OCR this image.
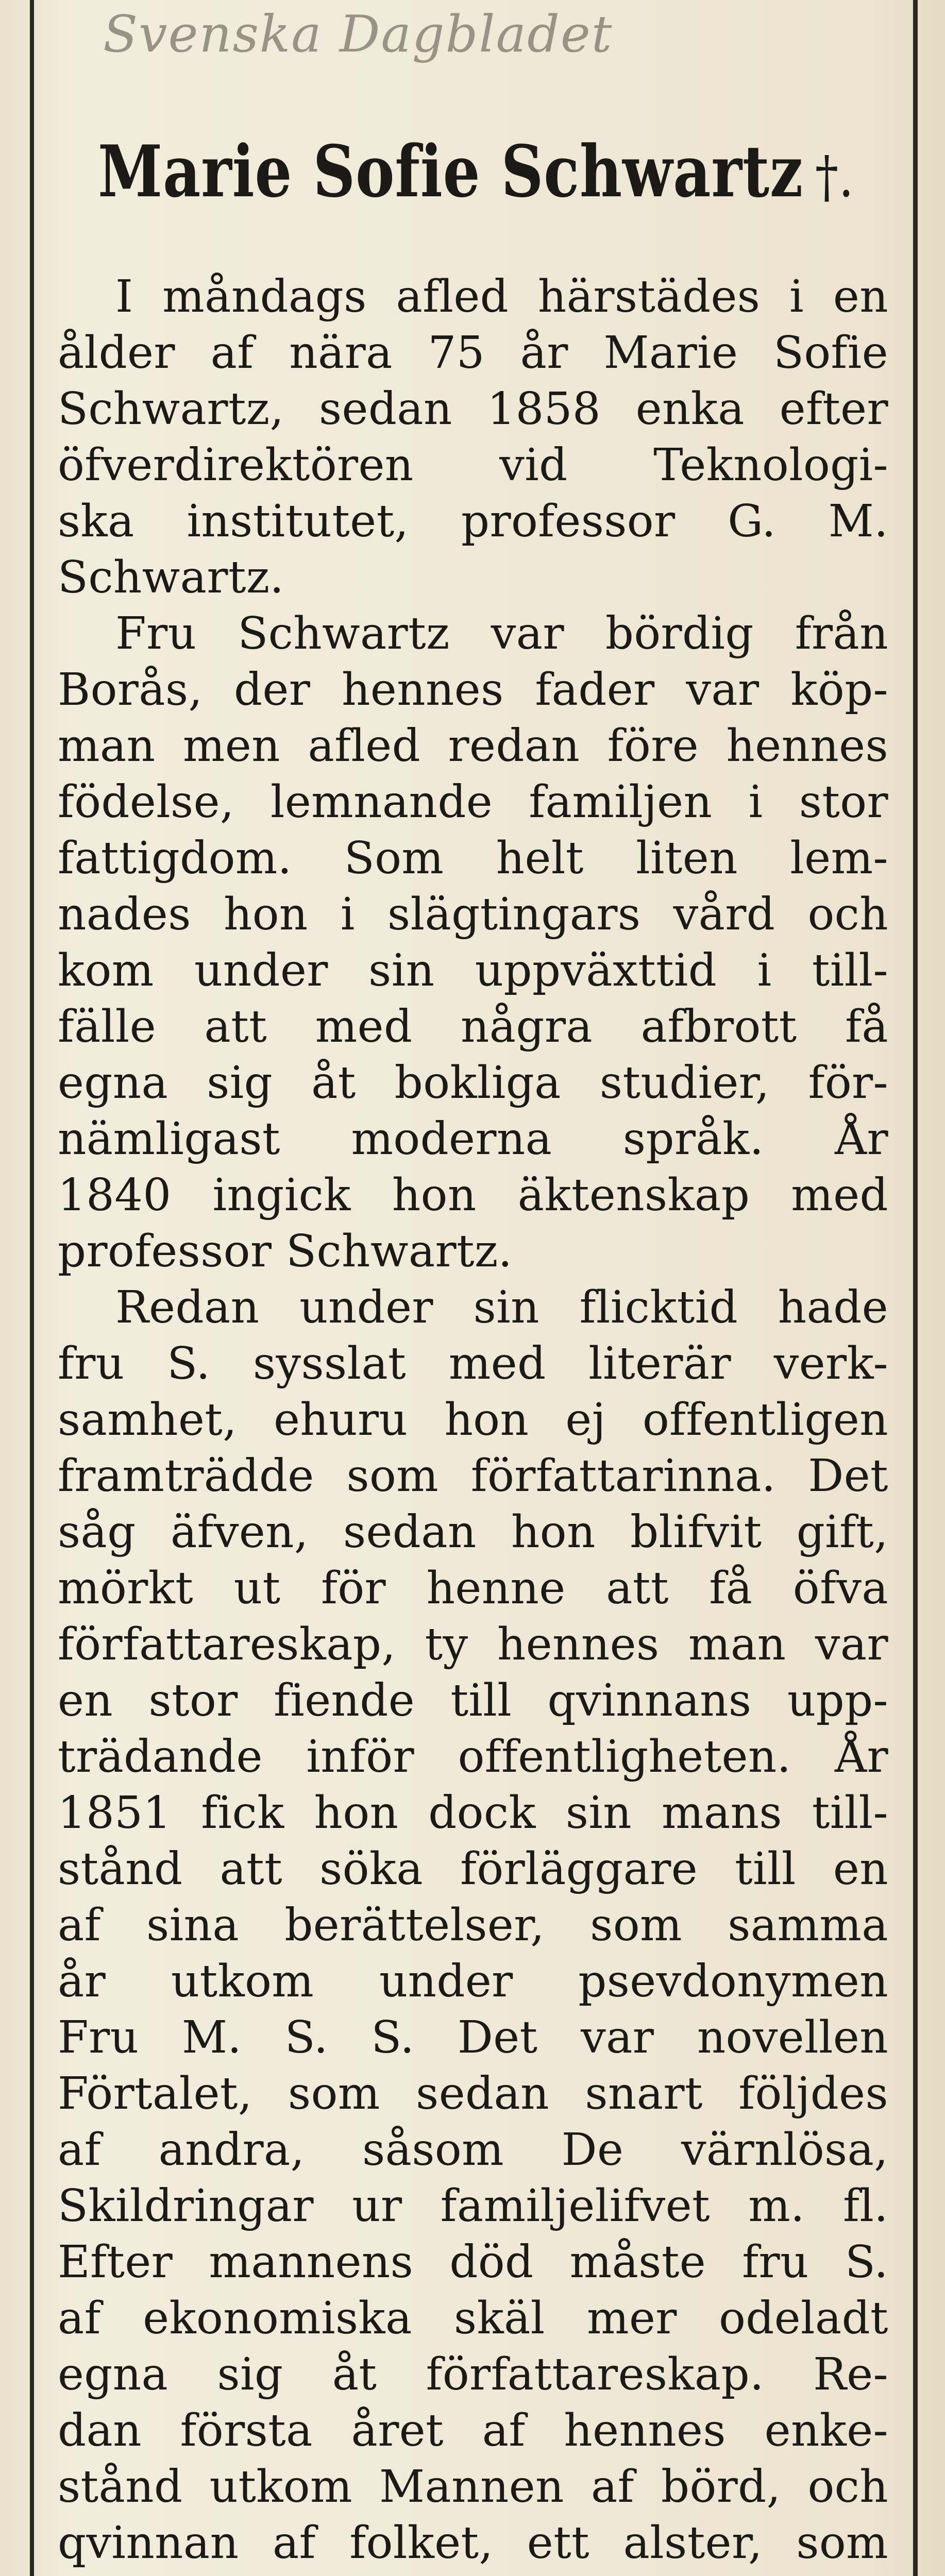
Svenska Dagbladet
Marie Sofie Schwartz †.
I måndags afled härstädes i en
ålder af nära 75 år Marie Sofie
Schwartz, sedan 1858 enka efter
öfverdirektören vid Teknologi-
ska institutet, professor G. M.
Schwartz.
Fru Schwartz var bördig från
Borås, der hennes fader var köp-
man men afled redan före hennes
födelse, lemnande familjen i stor
fattigdom. Som helt liten lem-
nades hon i slägtingars vård och
kom under sin uppväxttid i till-
fälle att med några afbrott få
egna sig åt bokliga studier, för-
nämligast moderna språk. År
1840 ingick hon äktenskap med
professor Schwartz.
Redan under sin flicktid hade
fru S. sysslat med literär verk-
samhet, ehuru hon ej offentligen
framträdde som författarinna. Det
såg äfven, sedan hon blifvit gift,
mörkt ut för henne att få öfva
författareskap, ty hennes man var
en stor fiende till qvinnans upp-
trädande inför offentligheten. År
1851 fick hon dock sin mans till-
stånd att söka förläggare till en
af sina berättelser, som samma
år utkom under psevdonymen
Fru M. S. S. Det var novellen
Förtalet, som sedan snart följdes
af andra, såsom De värnlösa,
Skildringar ur familjelifvet m. fl.
Efter mannens död måste fru S.
af ekonomiska skäl mer odeladt
egna sig åt författareskap. Re-
dan första året af hennes enke-
stånd utkom Mannen af börd, och
qvinnan af folket, ett alster, som
